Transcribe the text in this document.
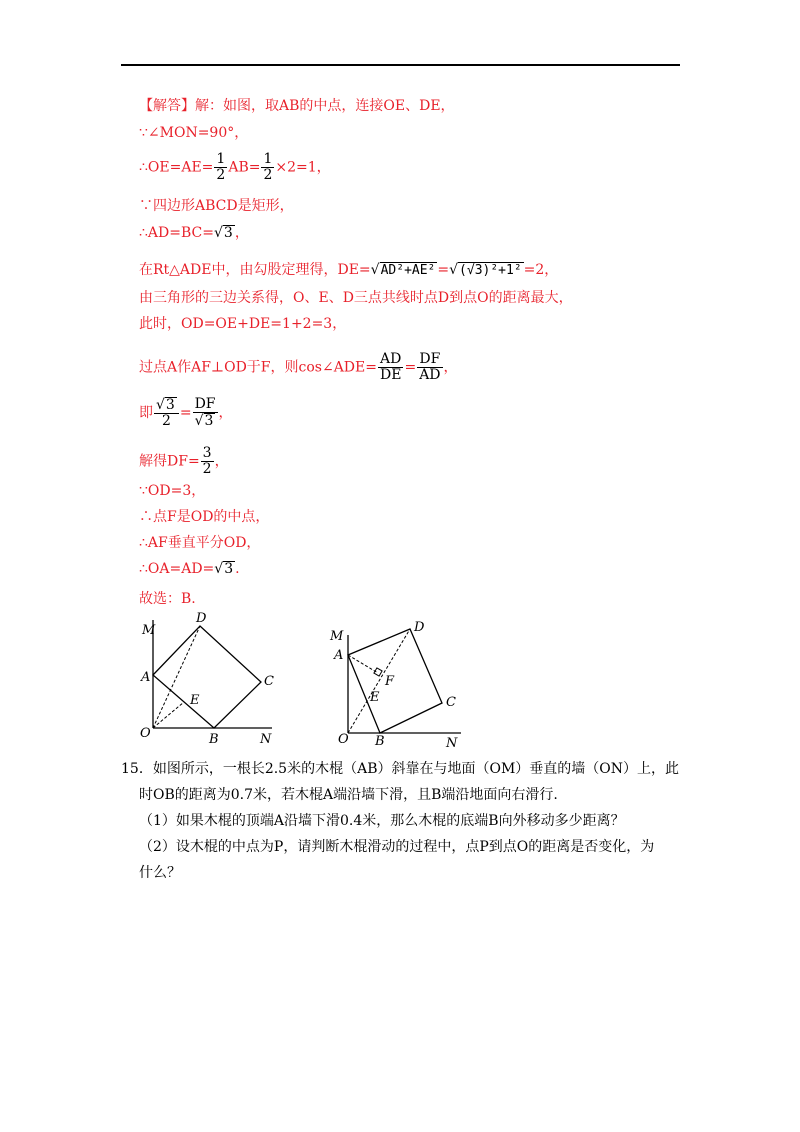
【解答】解：如图，取AB的中点，连接OE、DE，
∵∠MON=90°，
∴OE=AE= $\frac{1}{2} AB= \frac{1}{2} \times 2=1$，
∵四边形ABCD是矩形，
∴AD=BC=√3 ，
在Rt△ADE中，由勾股定理得，DE=√AD²+AE² =√(√3)²+1² =2，
由三角形的三边关系得，O、E、D三点共线时点D到点O的距离最大，
此时，OD=OE+DE=1+2=3，
过点A作AF⊥OD于F，则cos∠ADE= $\frac{AD}{DE} = \frac{DF}{AD}$ ，
即 $\frac{√3}{2} = \frac{DF}{√3}$ ，
解得$DF= \frac{3}{2}$ ，
∵OD=3，
∴点F是OD的中点，
∴AF垂直平分OD，
∴OA=AD=√3 .
故选：B.
M
D
A	C
E
O	B	N
M
D
A
F
E	C
O B	N
15．如图所示，一根长2.5米的木棍（AB）斜靠在与地面（OM）垂直的墙（ON）上，此
时OB的距离为0.7米，若木棍A端沿墙下滑，且B端沿地面向右滑行.
（1）如果木棍的顶端A沿墙下滑0.4米，那么木棍的底端B向外移动多少距离？
（2）设木棍的中点为P，请判断木棍滑动的过程中，点P到点O的距离是否变化，为
什么？
